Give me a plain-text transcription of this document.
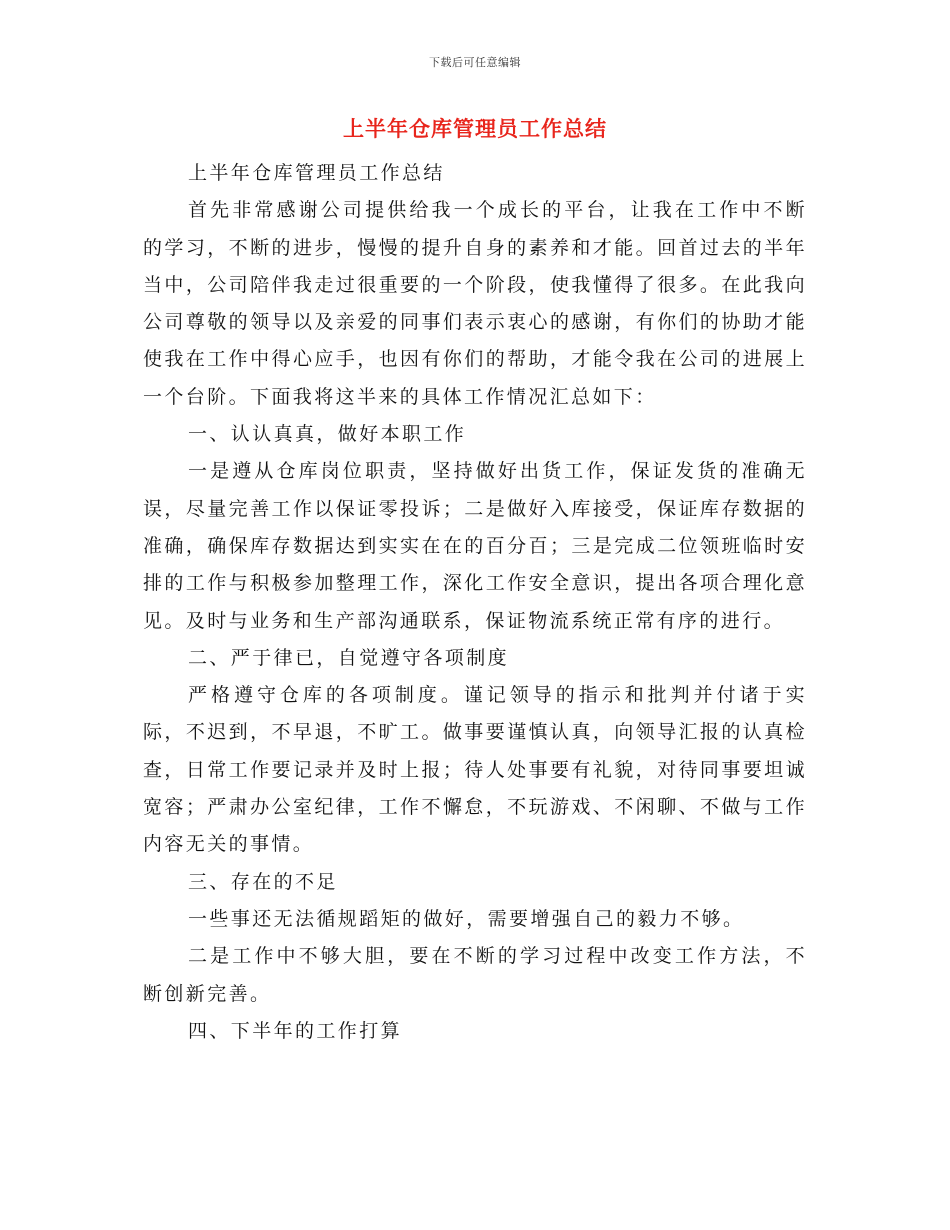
下载后可任意编辑
上半年仓库管理员工作总结

上半年仓库管理员工作总结

首先非常感谢公司提供给我一个成长的平台，让我在工作中不断的学习，不断的进步，慢慢的提升自身的素养和才能。回首过去的半年当中，公司陪伴我走过很重要的一个阶段，使我懂得了很多。在此我向公司尊敬的领导以及亲爱的同事们表示衷心的感谢，有你们的协助才能使我在工作中得心应手，也因有你们的帮助，才能令我在公司的进展上一个台阶。下面我将这半来的具体工作情况汇总如下：

一、认认真真，做好本职工作

一是遵从仓库岗位职责，坚持做好出货工作，保证发货的准确无误，尽量完善工作以保证零投诉；二是做好入库接受，保证库存数据的准确，确保库存数据达到实实在在的百分百；三是完成二位领班临时安排的工作与积极参加整理工作，深化工作安全意识，提出各项合理化意见。及时与业务和生产部沟通联系，保证物流系统正常有序的进行。

二、严于律已，自觉遵守各项制度

严格遵守仓库的各项制度。谨记领导的指示和批判并付诸于实际，不迟到，不早退，不旷工。做事要谨慎认真，向领导汇报的认真检查，日常工作要记录并及时上报；待人处事要有礼貌，对待同事要坦诚宽容；严肃办公室纪律，工作不懈怠，不玩游戏、不闲聊、不做与工作内容无关的事情。

三、存在的不足

一些事还无法循规蹈矩的做好，需要增强自己的毅力不够。

二是工作中不够大胆，要在不断的学习过程中改变工作方法，不断创新完善。

四、下半年的工作打算
